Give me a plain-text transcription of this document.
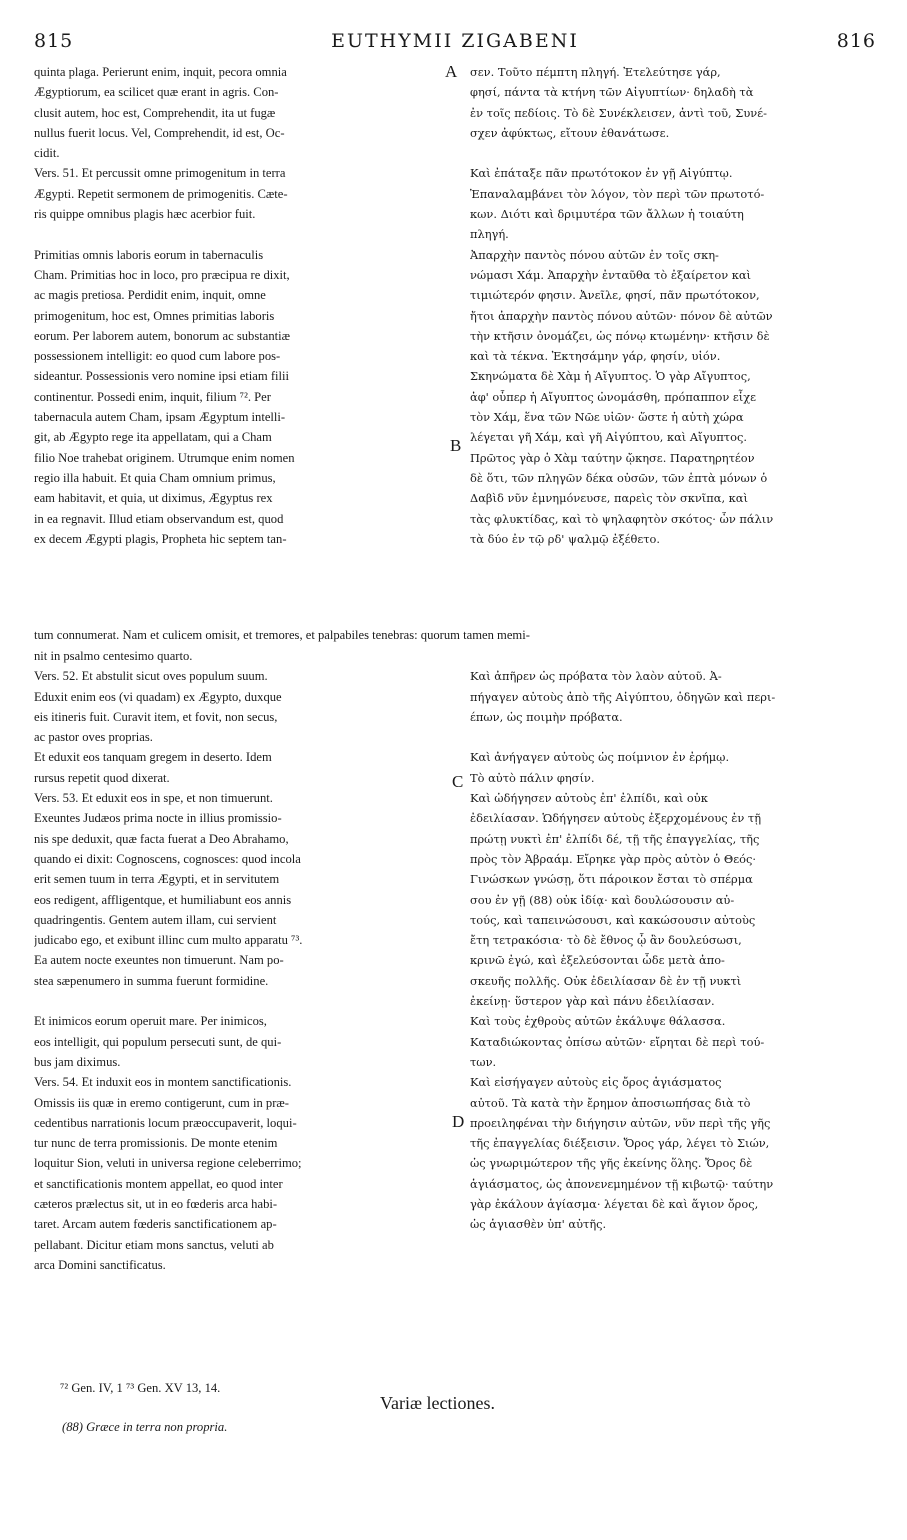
815	EUTHYMII ZIGABENI	816
quinta plaga. Perierunt enim, inquit, pecora omnia
Ægyptiorum, ea scilicet quæ erant in agris. Con-
clusit autem, hoc est, Comprehendit, ita ut fugæ
nullus fuerit locus. Vel, Comprehendit, id est, Oc-
cidit.
Vers. 51. Et percussit omne primogenitum in terra
Ægypti. Repetit sermonem de primogenitis. Cæte-
ris quippe omnibus plagis hæc acerbior fuit.
Primitias omnis laboris eorum in tabernaculis
Cham. Primitias hoc in loco, pro præcipua re dixit,
ac magis pretiosa. Perdidit enim, inquit, omne
primogenitum, hoc est, Omnes primitias laboris
eorum. Per laborem autem, bonorum ac substantiæ
possessionem intelligit: eo quod cum labore pos-
sideantur. Possessionis vero nomine ipsi etiam filii
continentur. Possedi enim, inquit, filium ⁷². Per
tabernacula autem Cham, ipsam Ægyptum intelli-
git, ab Ægypto rege ita appellatam, qui a Cham
filio Noe trahebat originem. Utrumque enim nomen
regio illa habuit. Et quia Cham omnium primus,
eam habitavit, et quia, ut diximus, Ægyptus rex
in ea regnavit. Illud etiam observandum est, quod
ex decem Ægypti plagis, Propheta hic septem tan-
σεν. Τοῦτο πέμπτη πληγή. Ἐτελεύτησε γάρ,
φησί, πάντα τὰ κτήνη τῶν Αἰγυπτίων· δηλαδὴ τὰ
ἐν τοῖς πεδίοις. Τὸ δὲ Συνέκλεισεν, ἀντὶ τοῦ, Συνέ-
σχεν ἀφύκτως, εἴτουν ἐθανάτωσε.
Καὶ ἐπάταξε πᾶν πρωτότοκον ἐν γῇ Αἰγύπτῳ.
Ἐπαναλαμβάνει τὸν λόγον, τὸν περὶ τῶν πρωτοτό-
κων. Διότι καὶ δριμυτέρα τῶν ἄλλων ἡ τοιαύτη
πληγή.
Ἀπαρχὴν παντὸς πόνου αὐτῶν ἐν τοῖς σκη-
νώμασι Χάμ. Ἀπαρχὴν ἐνταῦθα τὸ ἐξαίρετον καὶ
τιμιώτερόν φησιν. Ἀνεῖλε, φησί, πᾶν πρωτότοκον,
ἤτοι ἀπαρχὴν παντὸς πόνου αὐτῶν· πόνον δὲ αὐτῶν
τὴν κτῆσιν ὀνομάζει, ὡς πόνῳ κτωμένην· κτῆσιν δὲ
καὶ τὰ τέκνα. Ἐκτησάμην γάρ, φησίν, υἱόν.
Σκηνώματα δὲ Χὰμ ἡ Αἴγυπτος. Ὁ γὰρ Αἴγυπτος,
ἀφ' οὗπερ ἡ Αἴγυπτος ὠνομάσθη, πρόπαππον εἶχε
τὸν Χάμ, ἕνα τῶν Νῶε υἱῶν· ὥστε ἡ αὐτὴ χώρα
λέγεται γῆ Χάμ, καὶ γῆ Αἰγύπτου, καὶ Αἴγυπτος.
Πρῶτος γὰρ ὁ Χὰμ ταύτην ᾤκησε. Παρατηρητέον
δὲ ὅτι, τῶν πληγῶν δέκα οὐσῶν, τῶν ἑπτὰ μόνων ὁ
Δαβὶδ νῦν ἐμνημόνευσε, παρεὶς τὸν σκνῖπα, καὶ
τὰς φλυκτίδας, καὶ τὸ ψηλαφητὸν σκότος· ὧν πάλιν
τὰ δύο ἐν τῷ ρδ' ψαλμῷ ἐξέθετο.
tum connumerat. Nam et culicem omisit, et tremores, et palpabiles tenebras: quorum tamen memi-
nit in psalmo centesimo quarto.
Vers. 52. Et abstulit sicut oves populum suum.
Eduxit enim eos (vi quadam) ex Ægypto, duxque
eis itineris fuit. Curavit item, et fovit, non secus,
ac pastor oves proprias.
Et eduxit eos tanquam gregem in deserto. Idem
rursus repetit quod dixerat.
Vers. 53. Et eduxit eos in spe, et non timuerunt.
Exeuntes Judæos prima nocte in illius promissio-
nis spe deduxit, quæ facta fuerat a Deo Abrahamo,
quando ei dixit: Cognoscens, cognosces: quod incola
erit semen tuum in terra Ægypti, et in servitutem
eos redigent, affligentque, et humiliabunt eos annis
quadringentis. Gentem autem illam, cui servient
judicabo ego, et exibunt illinc cum multo apparatu ⁷³.
Ea autem nocte exeuntes non timuerunt. Nam po-
stea sæpenumero in summa fuerunt formidine.
Et inimicos eorum operuit mare. Per inimicos,
eos intelligit, qui populum persecuti sunt, de qui-
bus jam diximus.
Vers. 54. Et induxit eos in montem sanctificationis.
Omissis iis quæ in eremo contigerunt, cum in præ-
cedentibus narrationis locum præoccupaverit, loqui-
tur nunc de terra promissionis. De monte etenim
loquitur Sion, veluti in universa regione celeberrimo;
et sanctificationis montem appellat, eo quod inter
cæteros prælectus sit, ut in eo fœderis arca habi-
taret. Arcam autem fœderis sanctificationem ap-
pellabant. Dicitur etiam mons sanctus, veluti ab
arca Domini sanctificatus.
Καὶ ἀπῆρεν ὡς πρόβατα τὸν λαὸν αὐτοῦ. Ἀ-
πήγαγεν αὐτοὺς ἀπὸ τῆς Αἰγύπτου, ὁδηγῶν καὶ περι-
έπων, ὡς ποιμὴν πρόβατα.
Καὶ ἀνήγαγεν αὐτοὺς ὡς ποίμνιον ἐν ἐρήμῳ.
Τὸ αὐτὸ πάλιν φησίν.
Καὶ ὡδήγησεν αὐτοὺς ἐπ' ἐλπίδι, καὶ οὐκ
ἐδειλίασαν. Ὡδήγησεν αὐτοὺς ἐξερχομένους ἐν τῇ
πρώτῃ νυκτὶ ἐπ' ἐλπίδι δέ, τῇ τῆς ἐπαγγελίας, τῆς
πρὸς τὸν Ἀβραάμ. Εἴρηκε γὰρ πρὸς αὐτὸν ὁ Θεός·
Γινώσκων γνώσῃ, ὅτι πάροικον ἔσται τὸ σπέρμα
σου ἐν γῇ (88) οὐκ ἰδίᾳ· καὶ δουλώσουσιν αὐ-
τούς, καὶ ταπεινώσουσι, καὶ κακώσουσιν αὐτοὺς
ἔτη τετρακόσια· τὸ δὲ ἔθνος ᾧ ἂν δουλεύσωσι,
κρινῶ ἐγώ, καὶ ἐξελεύσονται ὧδε μετὰ ἀπο-
σκευῆς πολλῆς. Οὐκ ἐδειλίασαν δὲ ἐν τῇ νυκτὶ
ἐκείνῃ· ὕστερον γὰρ καὶ πάνυ ἐδειλίασαν.
Καὶ τοὺς ἐχθροὺς αὐτῶν ἐκάλυψε θάλασσα.
Καταδιώκοντας ὀπίσω αὐτῶν· εἴρηται δὲ περὶ τού-
των.
Καὶ εἰσήγαγεν αὐτοὺς εἰς ὄρος ἁγιάσματος
αὐτοῦ. Τὰ κατὰ τὴν ἔρημον ἀποσιωπήσας διὰ τὸ
προειληφέναι τὴν διήγησιν αὐτῶν, νῦν περὶ τῆς γῆς
τῆς ἐπαγγελίας διέξεισιν. Ὄρος γάρ, λέγει τὸ Σιών,
ὡς γνωριμώτερον τῆς γῆς ἐκείνης ὅλης. Ὄρος δὲ
ἁγιάσματος, ὡς ἀπονενεμημένον τῇ κιβωτῷ· ταύτην
γὰρ ἐκάλουν ἁγίασμα· λέγεται δὲ καὶ ἅγιον ὄρος,
ὡς ἁγιασθὲν ὑπ' αὐτῆς.
A
B
C
D
⁷² Gen. IV, 1 ⁷³ Gen. XV 13, 14.
Variæ lectiones.
(88) Græce in terra non propria.
